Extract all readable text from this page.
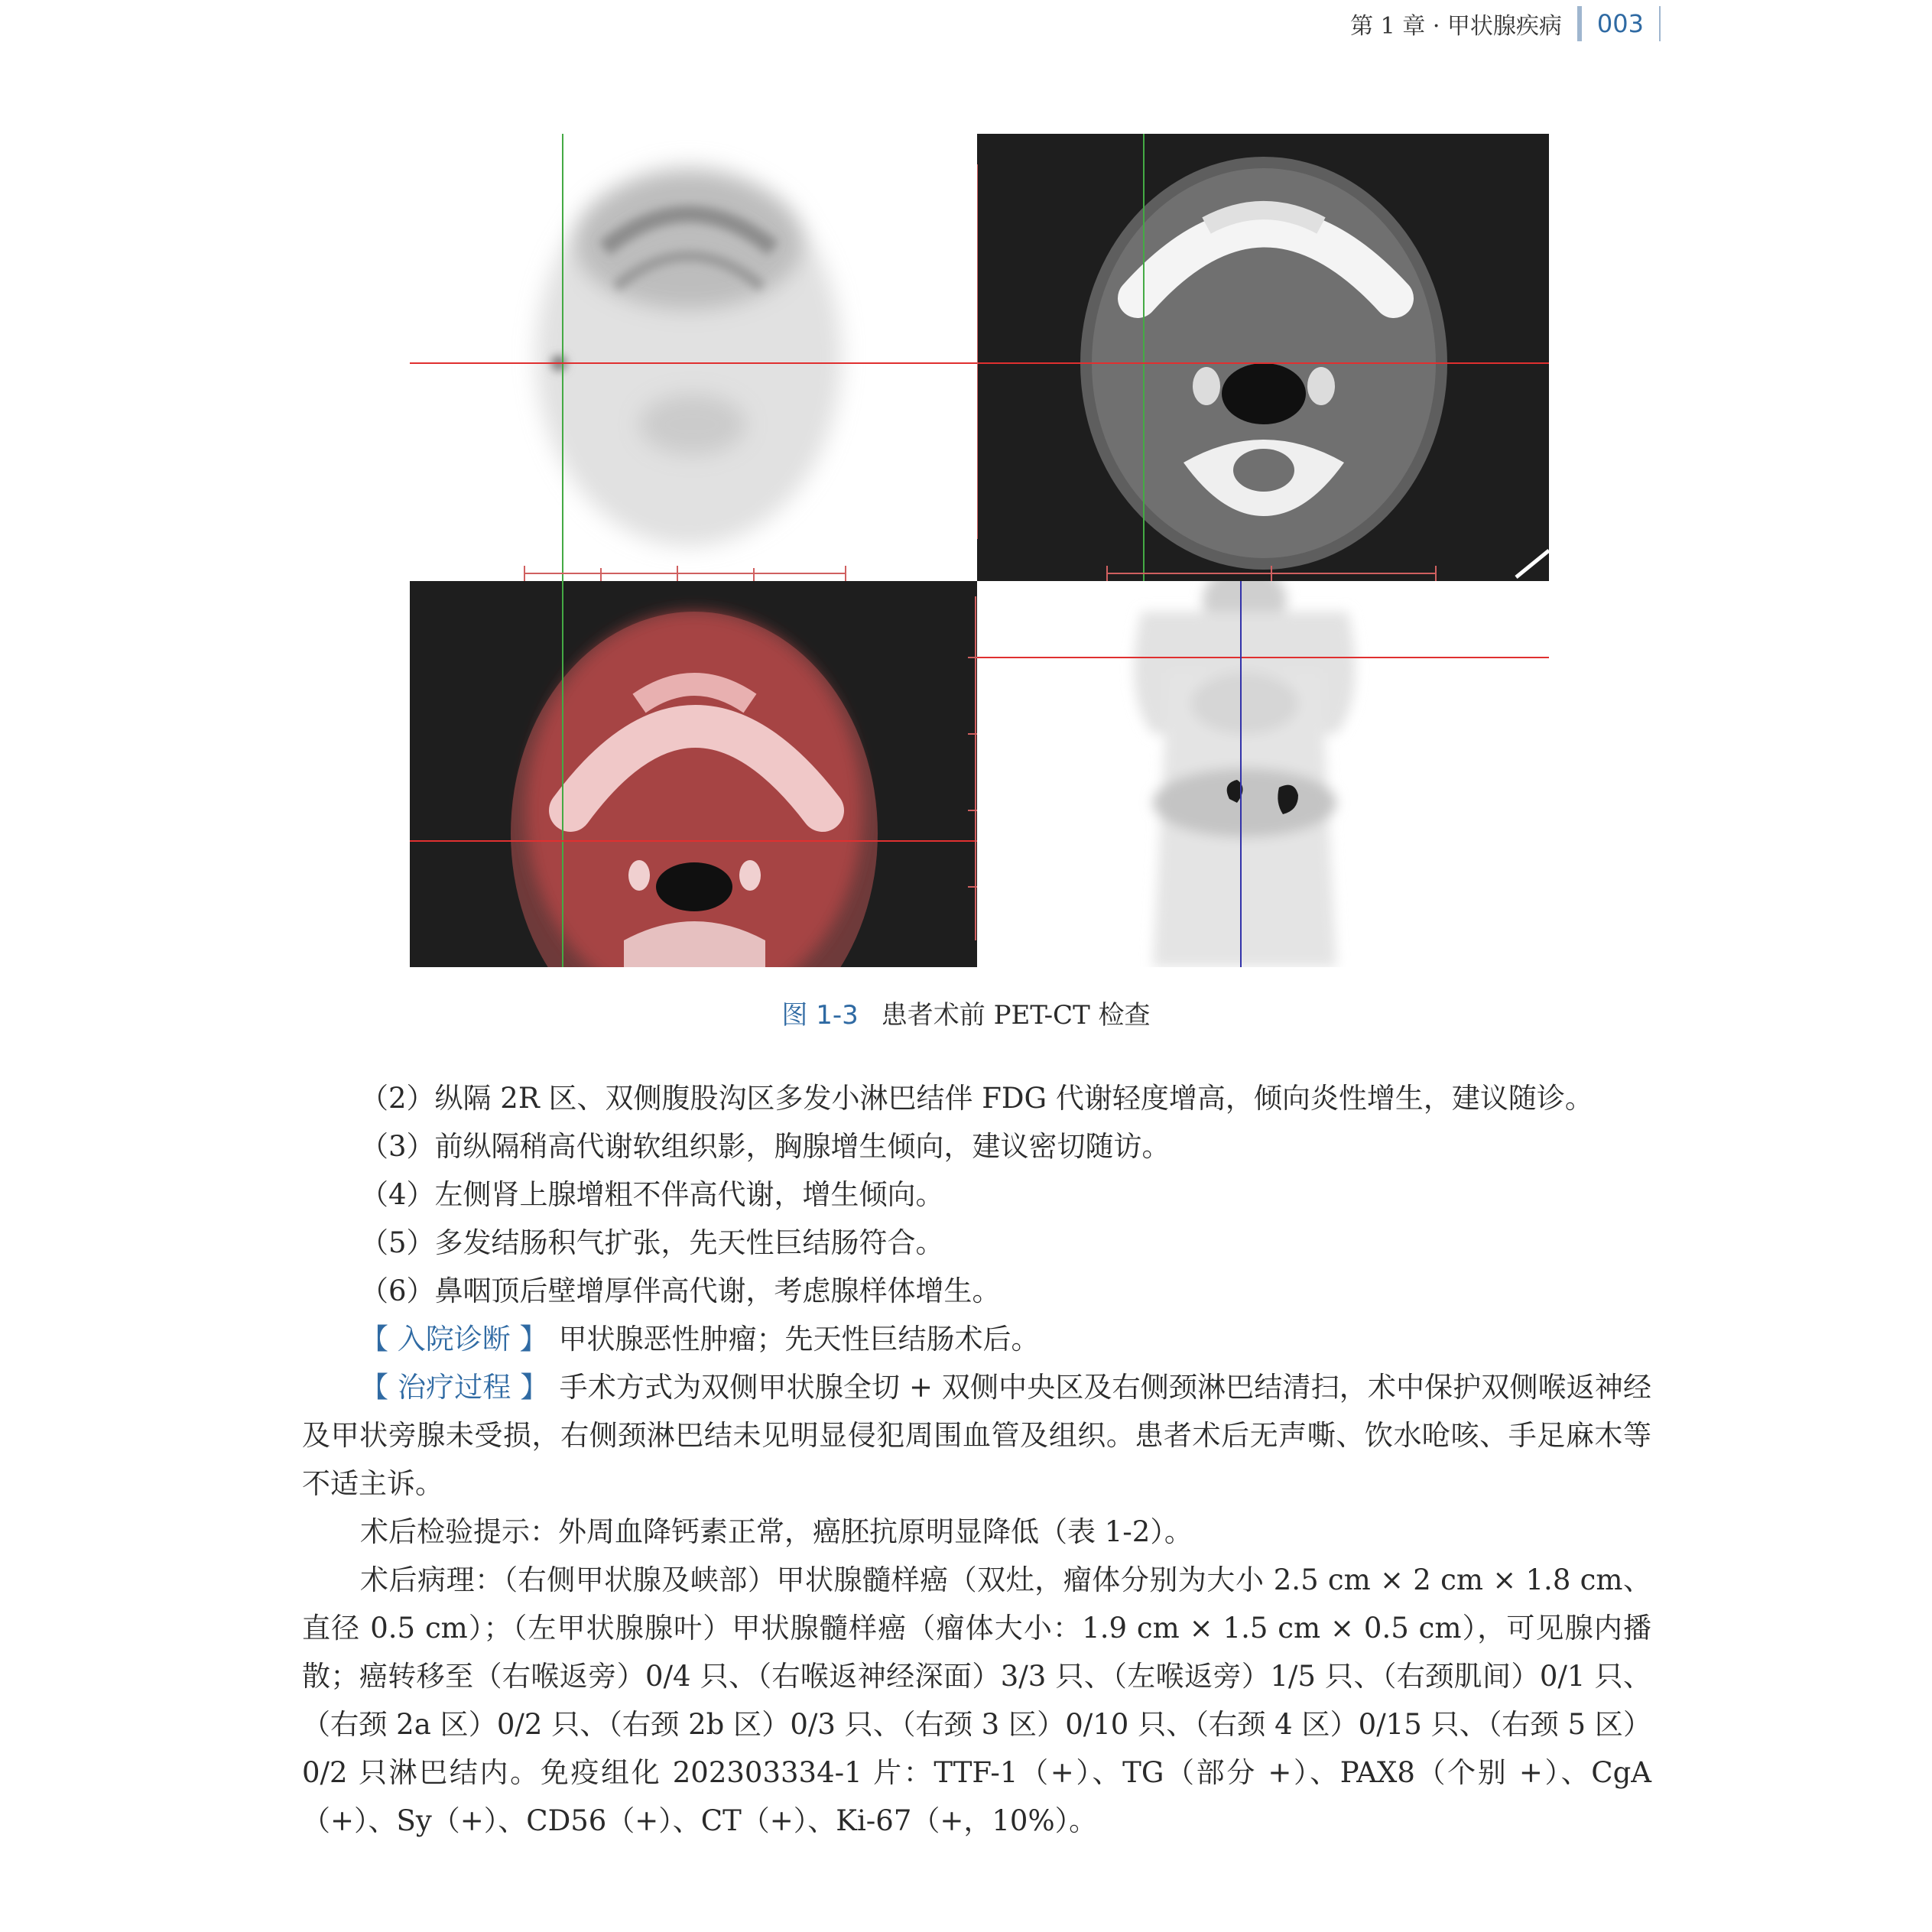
第 1 章 · 甲状腺疾病 003
图 1-3 患者术前 PET-CT 检查

（2）纵隔 2R 区、双侧腹股沟区多发小淋巴结伴 FDG 代谢轻度增高，倾向炎性增生，建议随诊。

（3）前纵隔稍高代谢软组织影，胸腺增生倾向，建议密切随访。

（4）左侧肾上腺增粗不伴高代谢，增生倾向。

（5）多发结肠积气扩张，先天性巨结肠符合。

（6）鼻咽顶后壁增厚伴高代谢，考虑腺样体增生。

【 入院诊断 】 甲状腺恶性肿瘤；先天性巨结肠术后。

【 治疗过程 】 手术方式为双侧甲状腺全切 + 双侧中央区及右侧颈淋巴结清扫，术中保护双侧喉返神经及甲状旁腺未受损，右侧颈淋巴结未见明显侵犯周围血管及组织。患者术后无声嘶、饮水呛咳、手足麻木等不适主诉。

术后检验提示：外周血降钙素正常，癌胚抗原明显降低（表 1-2）。

术后病理：（右侧甲状腺及峡部）甲状腺髓样癌（双灶，瘤体分别为大小 2.5 cm × 2 cm × 1.8 cm、直径 0.5 cm）；（左甲状腺腺叶）甲状腺髓样癌（瘤体大小：1.9 cm × 1.5 cm × 0.5 cm），可见腺内播散；癌转移至（右喉返旁）0/4 只、（右喉返神经深面）3/3 只、（左喉返旁）1/5 只、（右颈肌间）0/1 只、（右颈 2a 区）0/2 只、（右颈 2b 区）0/3 只、（右颈 3 区）0/10 只、（右颈 4 区）0/15 只、（右颈 5 区）0/2 只淋巴结内。免疫组化 202303334-1 片：TTF-1（+）、TG（部分 +）、PAX8（个别 +）、CgA（+）、Sy（+）、CD56（+）、CT（+）、Ki-67（+，10%）。
